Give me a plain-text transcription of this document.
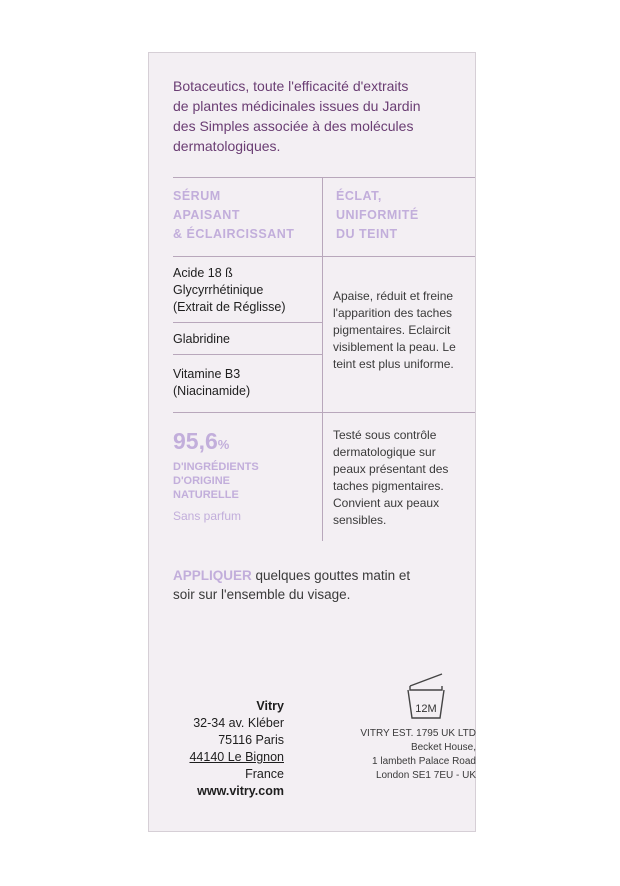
Botaceutics, toute l'efficacité d'extraits
de plantes médicinales issues du Jardin
des Simples associée à des molécules
dermatologiques.
SÉRUM
APAISANT
& ÉCLAIRCISSANT
ÉCLAT,
UNIFORMITÉ
DU TEINT
Acide 18 ß
Glycyrrhétinique
(Extrait de Réglisse)
Glabridine
Vitamine B3
(Niacinamide)
Apaise, réduit et freine
l'apparition des taches
pigmentaires. Eclaircit
visiblement la peau. Le
teint est plus uniforme.
95,6%
D'INGRÉDIENTS
D'ORIGINE
NATURELLE
Sans parfum
Testé sous contrôle
dermatologique sur
peaux présentant des
taches pigmentaires.
Convient aux peaux
sensibles.
APPLIQUER quelques gouttes matin et
soir sur l'ensemble du visage.
12M
Vitry
32-34 av. Kléber
75116 Paris
44140 Le Bignon
France
www.vitry.com
VITRY EST. 1795 UK LTD
Becket House,
1 lambeth Palace Road
London SE1 7EU - UK
